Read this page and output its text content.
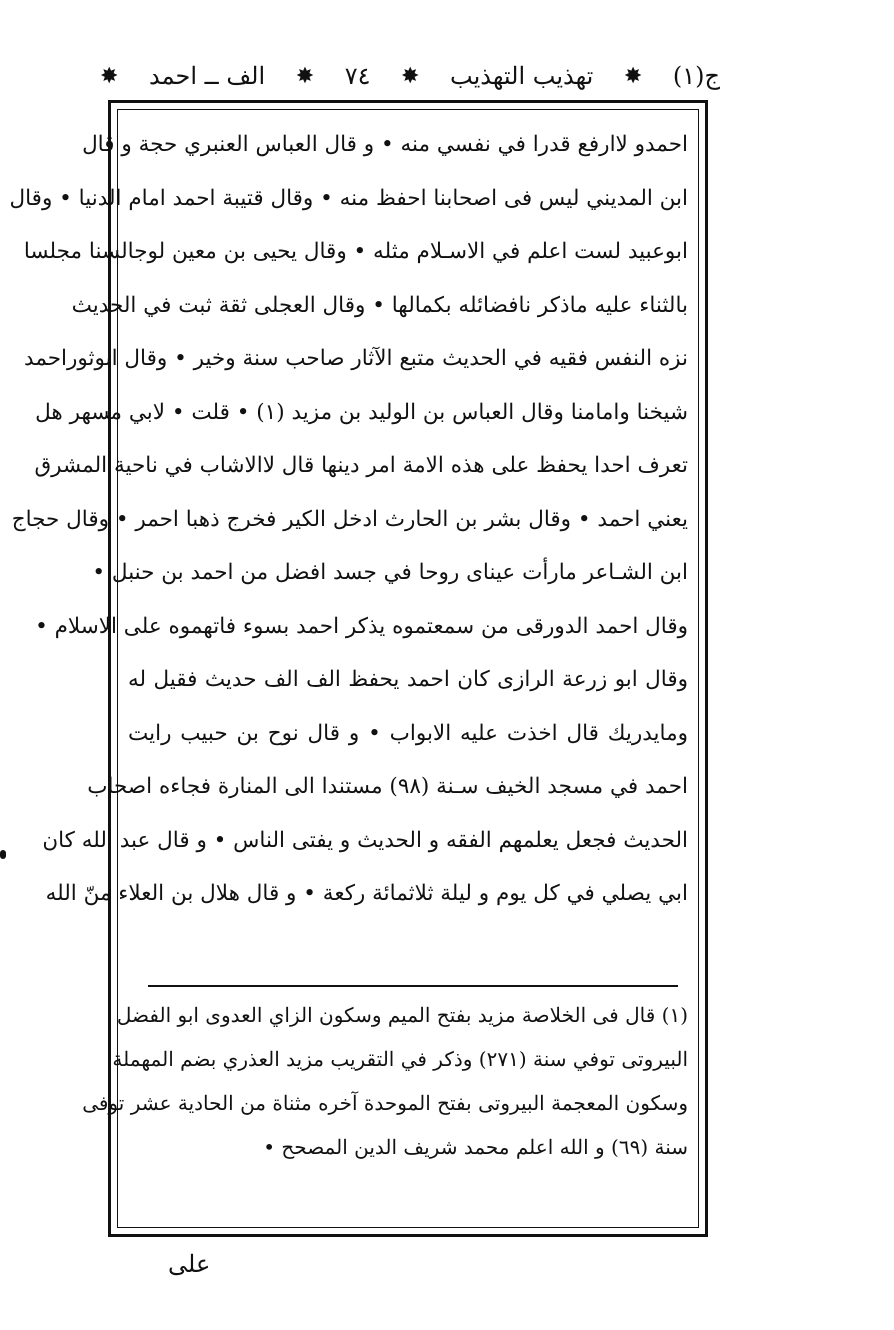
ج(١)
✸
تهذيب التهذيب
✸
٧٤
✸
الف ــ احمد
✸
احمدو لاارفع قدرا في نفسي منه • و قال العباس العنبري حجة و قال
ابن المديني ليس فى اصحابنا احفظ منه • وقال قتيبة احمد امام الدنيا • وقال
ابوعبيد لست اعلم في الاسـلام مثله • وقال يحيى بن معين لوجالسنا مجلسا
بالثناء عليه ماذكر نافضائله بكمالها • وقال العجلى ثقة ثبت في الحديث
نزه النفس فقيه في الحديث متبع الآثار صاحب سنة وخير • وقال ابوثوراحمد
شيخنا وامامنا وقال العباس بن الوليد بن مزيد (١) • قلت • لابي مسهر هل
تعرف احدا يحفظ على هذه الامة امر دينها قال لاالاشاب في ناحية المشرق
يعني احمد • وقال بشر بن الحارث ادخل الكير فخرج ذهبا احمر • وقال حجاج
ابن الشـاعر مارأت عيناى روحا في جسد افضل من احمد بن حنبل •
وقال احمد الدورقى من سمعتموه يذكر احمد بسوء فاتهموه على الاسلام •
وقال ابو زرعة الرازى كان احمد يحفظ الف الف حديث فقيل له
ومايدريك قال اخذت عليه الابواب • و قال نوح بن حبيب رايت
احمد في مسجد الخيف سـنة (٩٨) مستندا الى المنارة فجاءه اصحاب
الحديث فجعل يعلمهم الفقه و الحديث و يفتى الناس • و قال عبد الله كان
ابي يصلي في كل يوم و ليلة ثلاثمائة ركعة • و قال هلال بن العلاء منّ الله
(١) قال فى الخلاصة مزيد بفتح الميم وسكون الزاي العدوى ابو الفضل
البيروتى توفي سنة (٢٧١) وذكر في التقريب مزيد العذري بضم المهملة
وسكون المعجمة البيروتى بفتح الموحدة آخره مثناة من الحادية عشر توفى
سنة (٦٩) و الله اعلم محمد شريف الدين المصحح •
على
